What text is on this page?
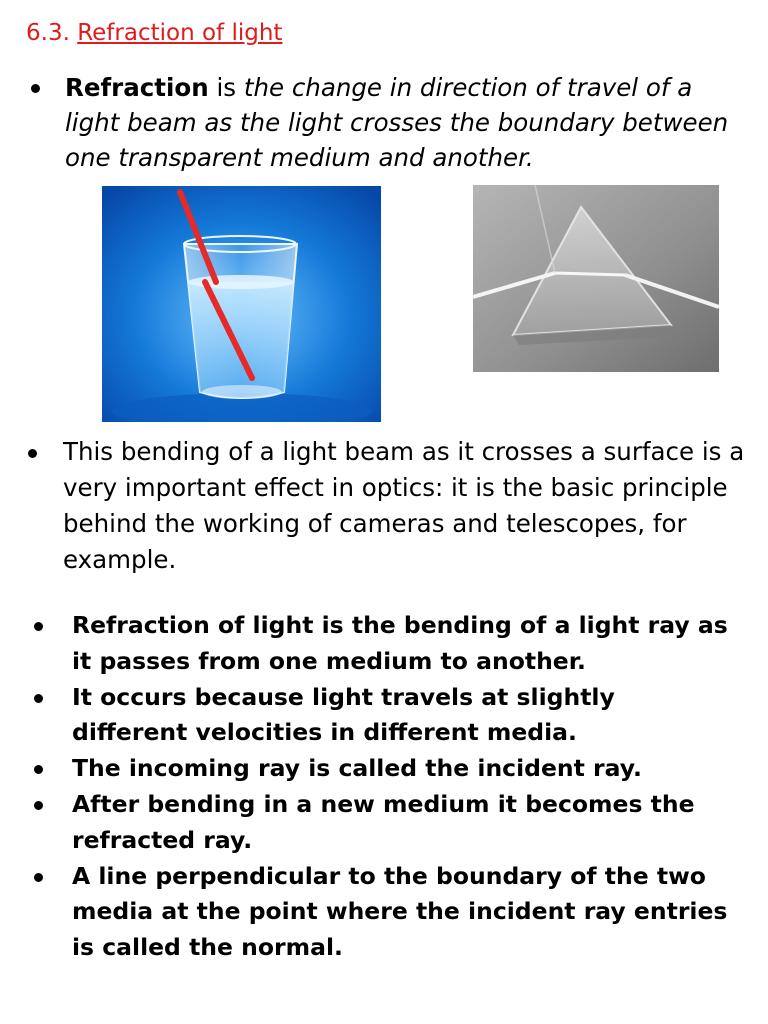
6.3. Refraction of light
Refraction is the change in direction of travel of a light beam as the light crosses the boundary between one transparent medium and another.
This bending of a light beam as it crosses a surface is a very important effect in optics: it is the basic principle behind the working of cameras and telescopes, for example.
Refraction of light is the bending of a light ray as it passes from one medium to another.
It occurs because light travels at slightly different velocities in different media.
The incoming ray is called the incident ray.
After bending in a new medium it becomes the refracted ray.
A line perpendicular to the boundary of the two media at the point where the incident ray entries is called the normal.
